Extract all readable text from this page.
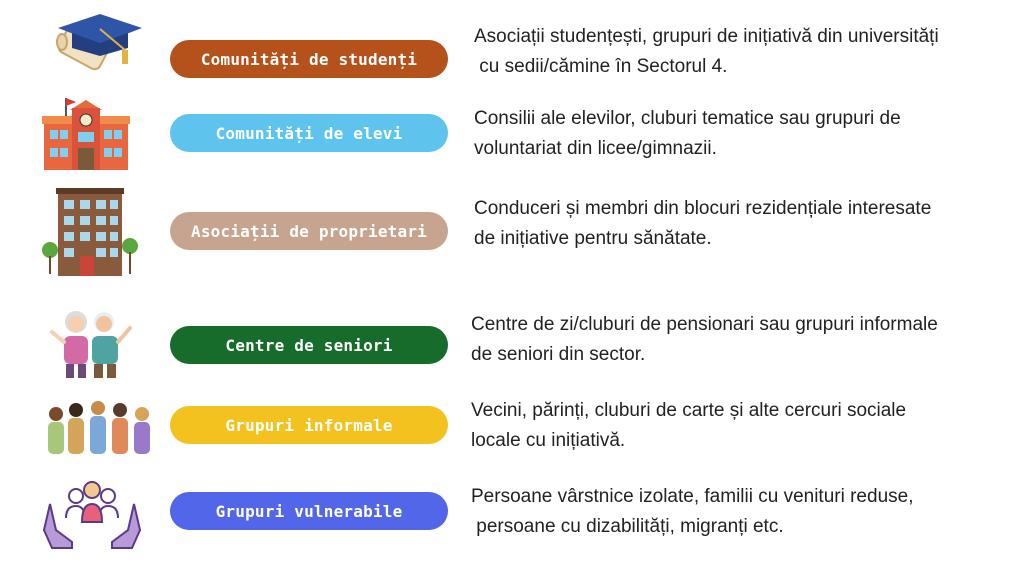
Comunități de studenți
Asociații studențești, grupuri de inițiativă din universități
cu sedii/cămine în Sectorul 4.
Comunități de elevi
Consilii ale elevilor, cluburi tematice sau grupuri de
voluntariat din licee/gimnazii.
Asociații de proprietari
Conduceri și membri din blocuri rezidențiale interesate
de inițiative pentru sănătate.
Centre de seniori
Centre de zi/cluburi de pensionari sau grupuri informale
de seniori din sector.
Grupuri informale
Vecini, părinți, cluburi de carte și alte cercuri sociale
locale cu inițiativă.
Grupuri vulnerabile
Persoane vârstnice izolate, familii cu venituri reduse,
persoane cu dizabilități, migranți etc.
